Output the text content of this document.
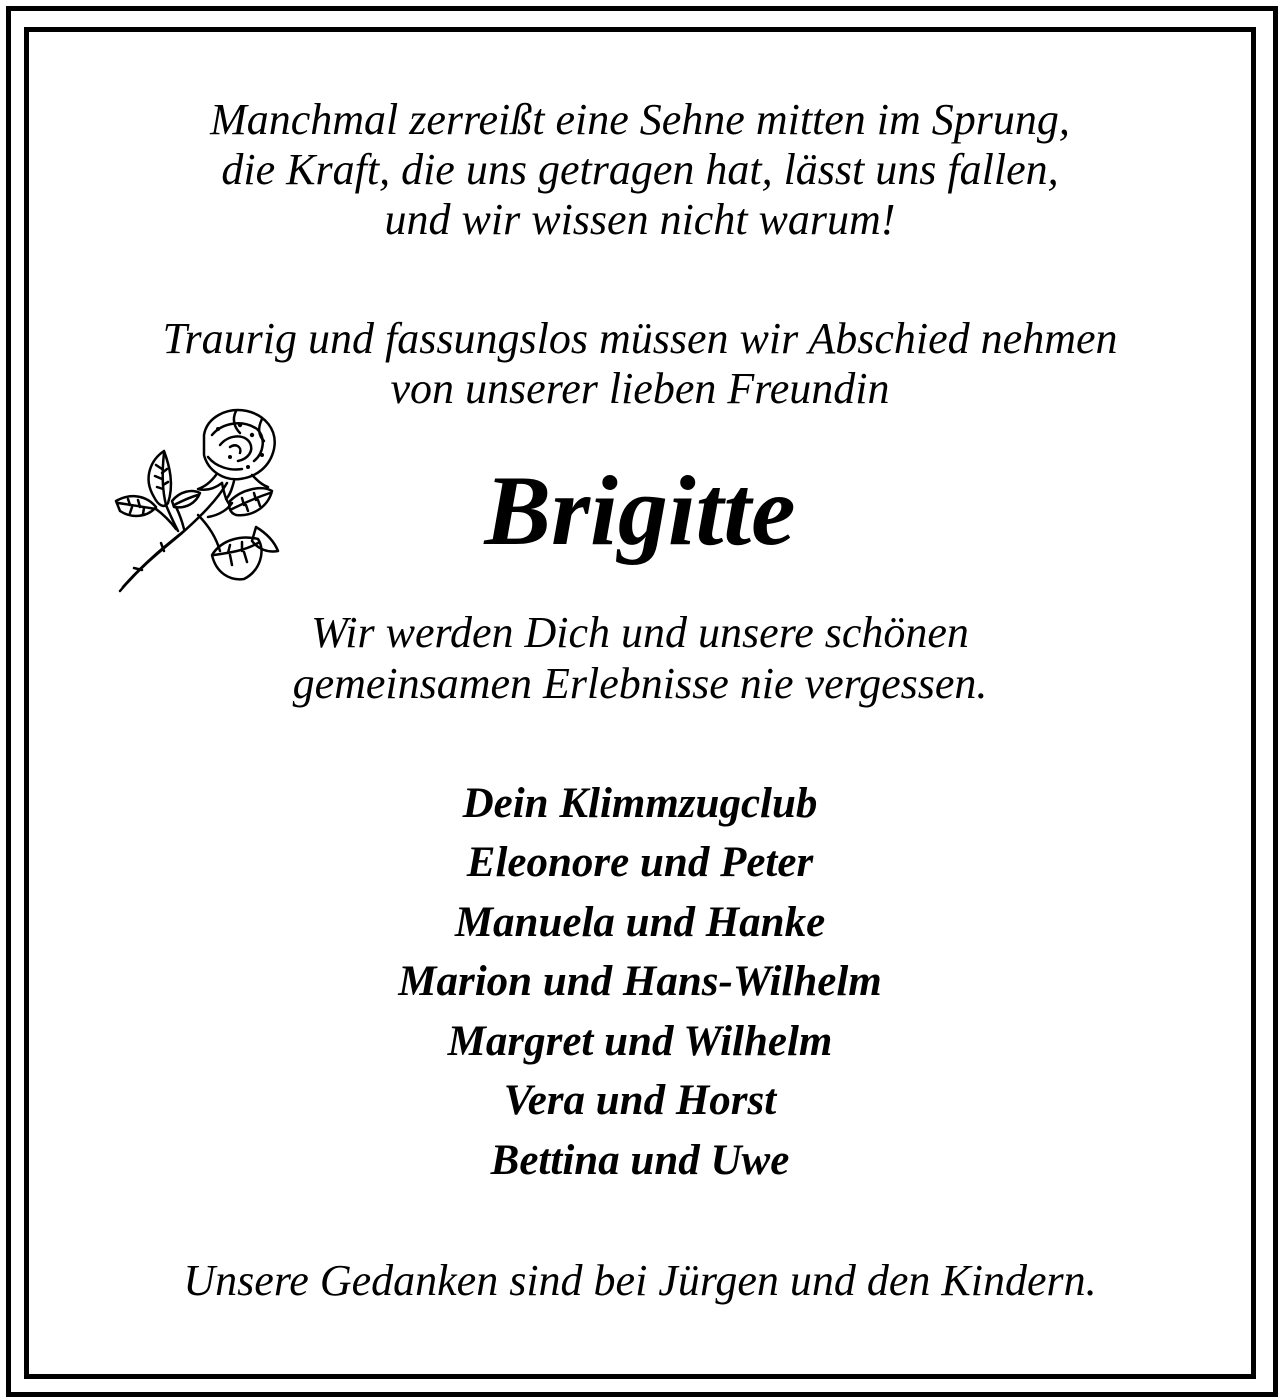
Manchmal zerreißt eine Sehne mitten im Sprung,
die Kraft, die uns getragen hat, lässt uns fallen,
und wir wissen nicht warum!
Traurig und fassungslos müssen wir Abschied nehmen
von unserer lieben Freundin
Brigitte
Wir werden Dich und unsere schönen
gemeinsamen Erlebnisse nie vergessen.
Dein Klimmzugclub
Eleonore und Peter
Manuela und Hanke
Marion und Hans-Wilhelm
Margret und Wilhelm
Vera und Horst
Bettina und Uwe
Unsere Gedanken sind bei Jürgen und den Kindern.
